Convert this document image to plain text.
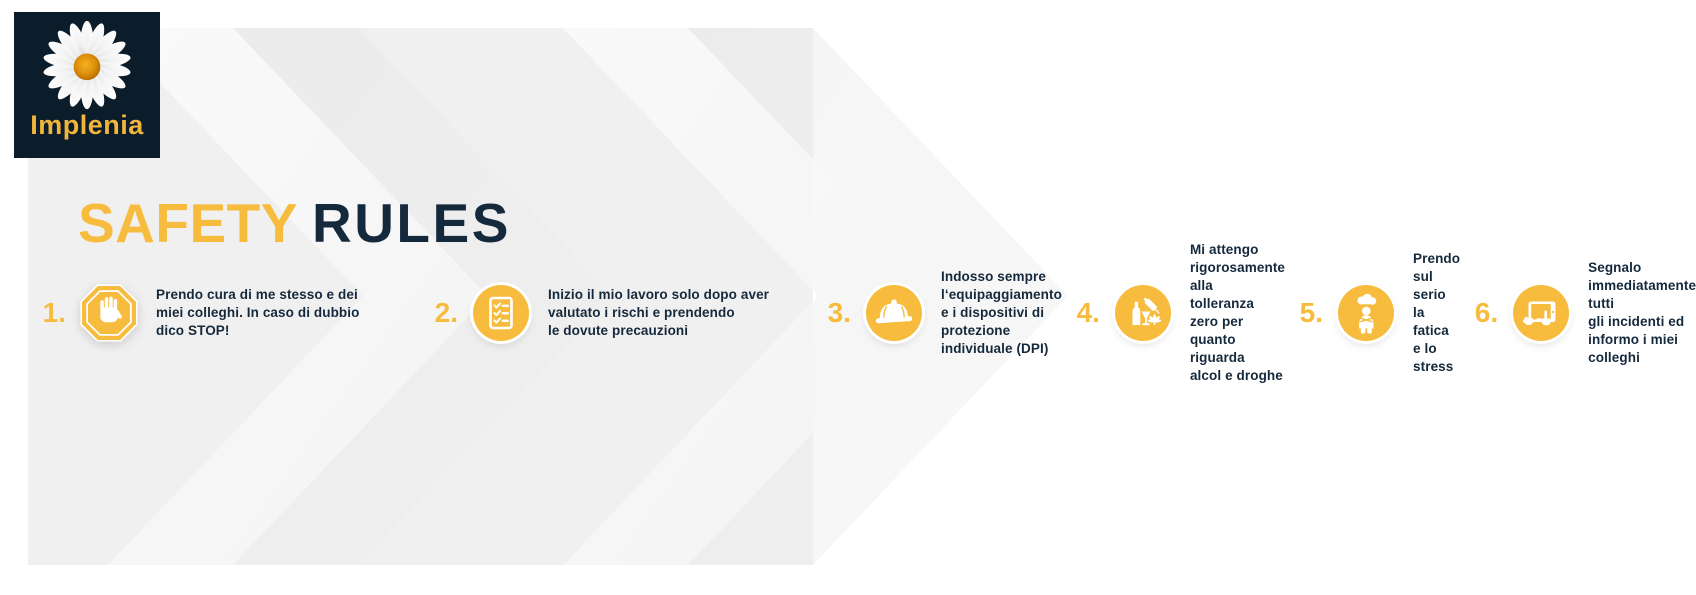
SAFETY RULES
1.
Prendo cura di me stesso e dei
miei colleghi. In caso di dubbio
dico STOP!
2.
Inizio il mio lavoro solo dopo aver
valutato i rischi e prendendo
le dovute precauzioni
3.
Indosso sempre l‘equipaggiamento
e i dispositivi di protezione
individuale (DPI)
4.
Mi attengo rigorosamente alla
tolleranza zero per quanto riguarda
alcol e droghe
5.
Prendo sul serio la fatica e lo stress
6.
Segnalo immediatamente tutti
gli incidenti ed informo i miei colleghi
Implenia
